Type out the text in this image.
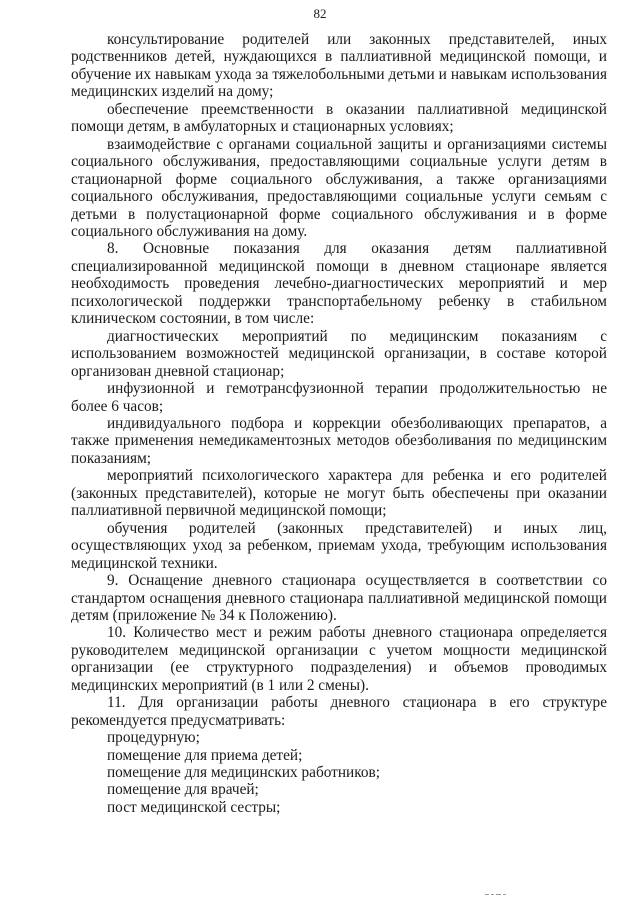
82

консультирование родителей или законных представителей, иных родственников детей, нуждающихся в паллиативной медицинской помощи, и обучение их навыкам ухода за тяжелобольными детьми и навыкам использования медицинских изделий на дому;

обеспечение преемственности в оказании паллиативной медицинской помощи детям, в амбулаторных и стационарных условиях;

взаимодействие с органами социальной защиты и организациями системы социального обслуживания, предоставляющими социальные услуги детям в стационарной форме социального обслуживания, а также организациями социального обслуживания, предоставляющими социальные услуги семьям с детьми в полустационарной форме социального обслуживания и в форме социального обслуживания на дому.

8. Основные показания для оказания детям паллиативной специализированной медицинской помощи в дневном стационаре является необходимость проведения лечебно-диагностических мероприятий и мер психологической поддержки транспортабельному ребенку в стабильном клиническом состоянии, в том числе:

диагностических мероприятий по медицинским показаниям с использованием возможностей медицинской организации, в составе которой организован дневной стационар;

инфузионной и гемотрансфузионной терапии продолжительностью не более 6 часов;

индивидуального подбора и коррекции обезболивающих препаратов, а также применения немедикаментозных методов обезболивания по медицинским показаниям;

мероприятий психологического характера для ребенка и его родителей (законных представителей), которые не могут быть обеспечены при оказании паллиативной первичной медицинской помощи;

обучения родителей (законных представителей) и иных лиц, осуществляющих уход за ребенком, приемам ухода, требующим использования медицинской техники.

9. Оснащение дневного стационара осуществляется в соответствии со стандартом оснащения дневного стационара паллиативной медицинской помощи детям (приложение № 34 к Положению).

10. Количество мест и режим работы дневного стационара определяется руководителем медицинской организации с учетом мощности медицинской организации (ее структурного подразделения) и объемов проводимых медицинских мероприятий (в 1 или 2 смены).

11. Для организации работы дневного стационара в его структуре рекомендуется предусматривать:

процедурную;

помещение для приема детей;

помещение для медицинских работников;

помещение для врачей;

пост медицинской сестры;
